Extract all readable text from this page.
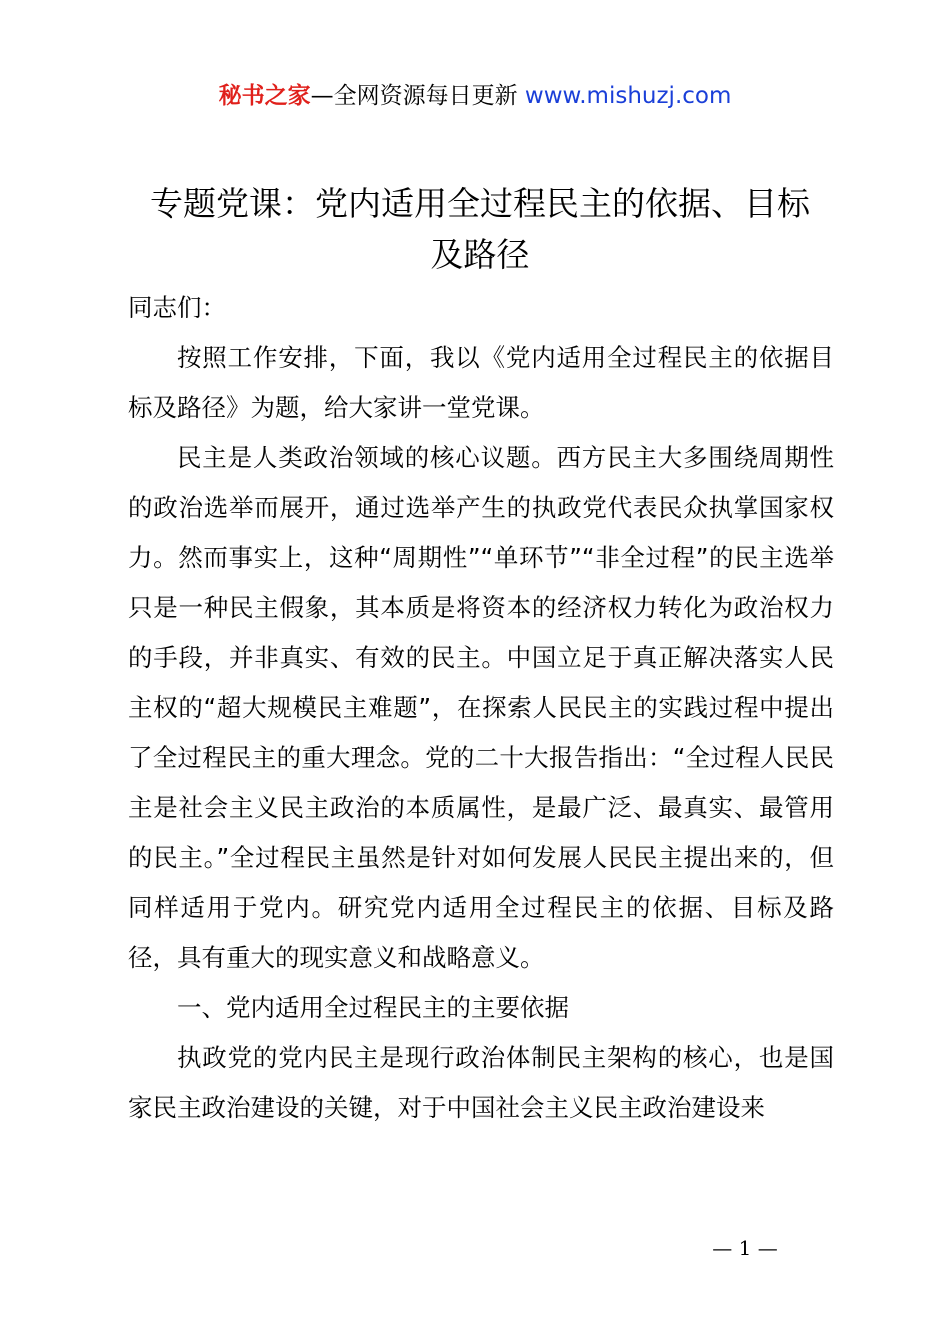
秘书之家—全网资源每日更新 www.mishuzj.com
专题党课：党内适用全过程民主的依据、目标
及路径

同志们：

按照工作安排，下面，我以《党内适用全过程民主的依据目标及路径》为题，给大家讲一堂党课。

民主是人类政治领域的核心议题。西方民主大多围绕周期性的政治选举而展开，通过选举产生的执政党代表民众执掌国家权力。然而事实上，这种“周期性”“单环节”“非全过程”的民主选举只是一种民主假象，其本质是将资本的经济权力转化为政治权力的手段，并非真实、有效的民主。中国立足于真正解决落实人民主权的“超大规模民主难题”，在探索人民民主的实践过程中提出了全过程民主的重大理念。党的二十大报告指出：“全过程人民民主是社会主义民主政治的本质属性，是最广泛、最真实、最管用的民主。”全过程民主虽然是针对如何发展人民民主提出来的，但同样适用于党内。研究党内适用全过程民主的依据、目标及路径，具有重大的现实意义和战略意义。

一、党内适用全过程民主的主要依据

执政党的党内民主是现行政治体制民主架构的核心，也是国家民主政治建设的关键，对于中国社会主义民主政治建设来

— 1 —
